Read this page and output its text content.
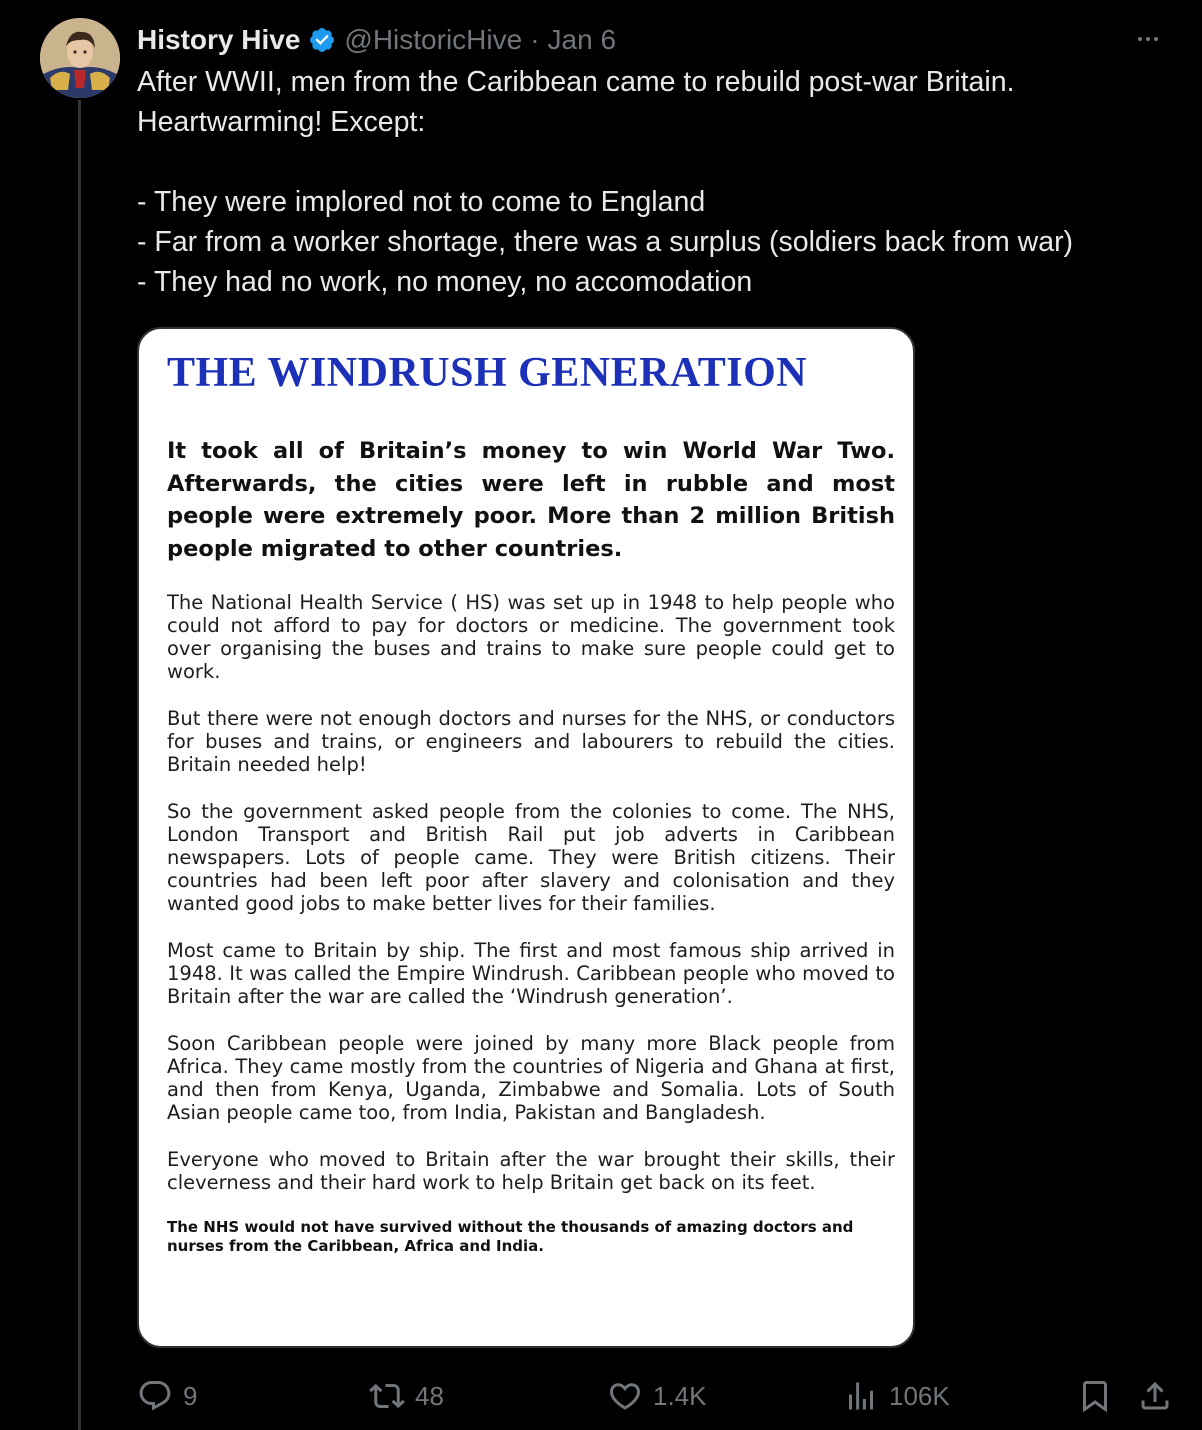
History Hive @HistoricHive · Jan 6

After WWII, men from the Caribbean came to rebuild post-war Britain.

Heartwarming! Except:

- They were implored not to come to England

- Far from a worker shortage, there was a surplus (soldiers back from war)

- They had no work, no money, no accomodation

THE WINDRUSH GENERATION
It took all of Britain’s money to win World War Two. Afterwards, the cities were left in rubble and most people were extremely poor. More than 2 million British people migrated to other countries.

The National Health Service ( HS) was set up in 1948 to help people who could not afford to pay for doctors or medicine. The government took over organising the buses and trains to make sure people could get to work.

But there were not enough doctors and nurses for the NHS, or conductors for buses and trains, or engineers and labourers to rebuild the cities. Britain needed help!

So the government asked people from the colonies to come. The NHS, London Transport and British Rail put job adverts in Caribbean newspapers. Lots of people came. They were British citizens. Their countries had been left poor after slavery and colonisation and they wanted good jobs to make better lives for their families.

Most came to Britain by ship. The first and most famous ship arrived in 1948. It was called the Empire Windrush. Caribbean people who moved to Britain after the war are called the ‘Windrush generation’.

Soon Caribbean people were joined by many more Black people from Africa. They came mostly from the countries of Nigeria and Ghana at first, and then from Kenya, Uganda, Zimbabwe and Somalia. Lots of South Asian people came too, from India, Pakistan and Bangladesh.

Everyone who moved to Britain after the war brought their skills, their cleverness and their hard work to help Britain get back on its feet.

The NHS would not have survived without the thousands of amazing doctors and nurses from the Caribbean, Africa and India.
9	48	1.4K	106K
